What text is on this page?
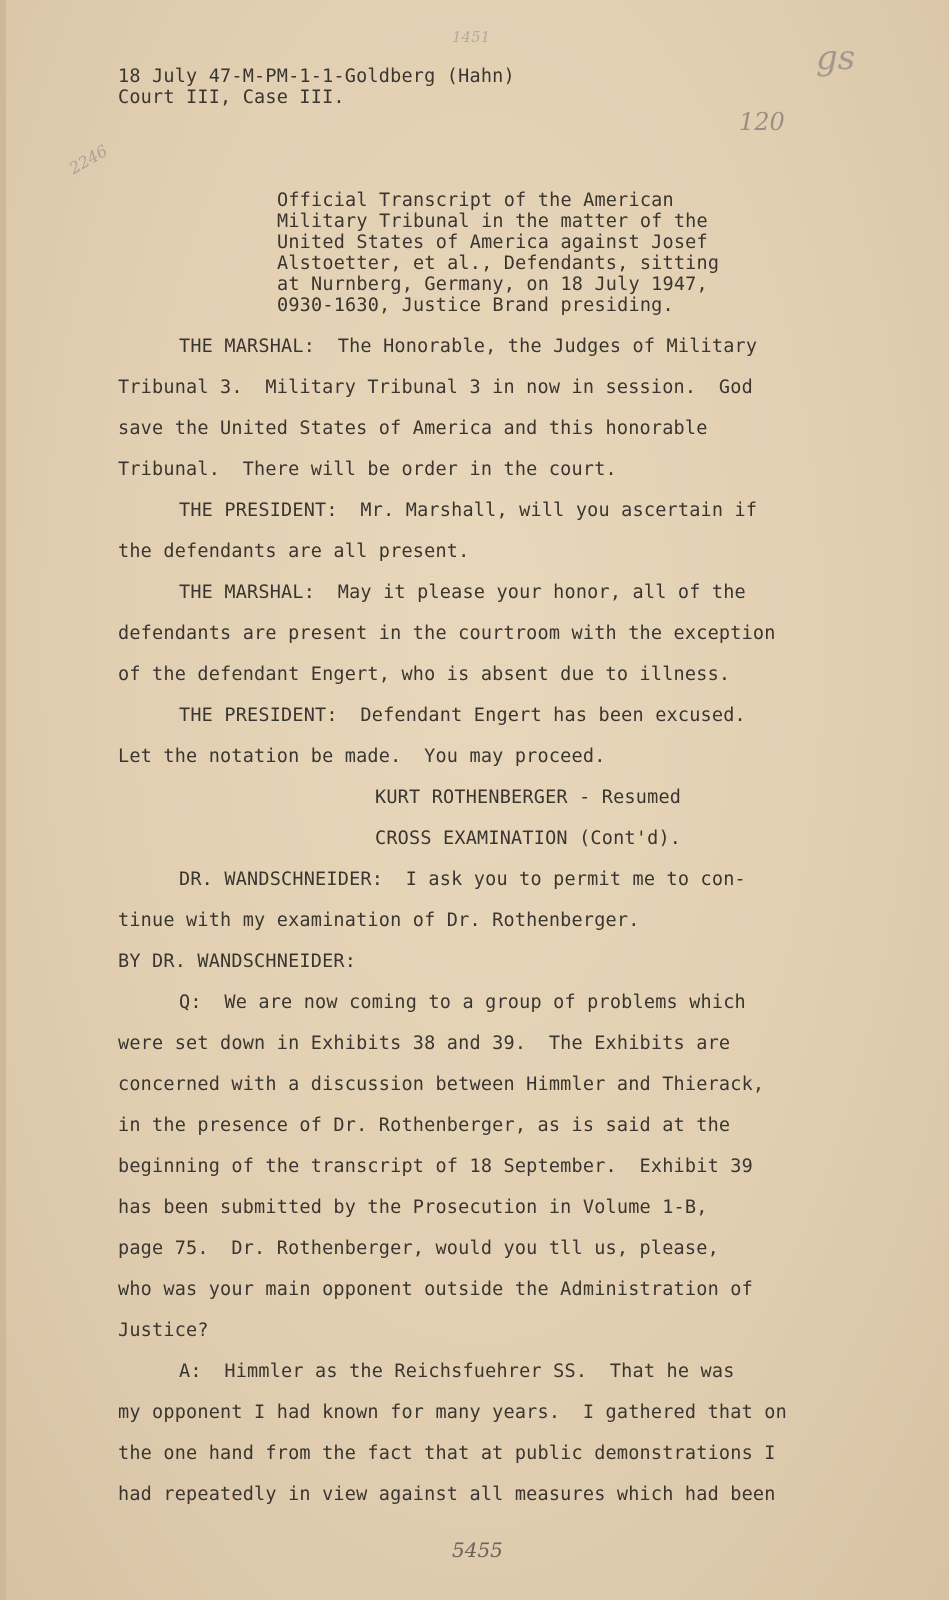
1451
gs
120
2246
18 July 47-M-PM-1-1-Goldberg (Hahn)
Court III, Case III.
Official Transcript of the American
Military Tribunal in the matter of the
United States of America against Josef
Alstoetter, et al., Defendants, sitting
at Nurnberg, Germany, on 18 July 1947,
0930-1630, Justice Brand presiding.
THE MARSHAL:  The Honorable, the Judges of Military
Tribunal 3.  Military Tribunal 3 in now in session.  God
save the United States of America and this honorable
Tribunal.  There will be order in the court.
THE PRESIDENT:  Mr. Marshall, will you ascertain if
the defendants are all present.
THE MARSHAL:  May it please your honor, all of the
defendants are present in the courtroom with the exception
of the defendant Engert, who is absent due to illness.
THE PRESIDENT:  Defendant Engert has been excused.
Let the notation be made.  You may proceed.
KURT ROTHENBERGER - Resumed
CROSS EXAMINATION (Cont'd).
DR. WANDSCHNEIDER:  I ask you to permit me to con-
tinue with my examination of Dr. Rothenberger.
BY DR. WANDSCHNEIDER:
Q:  We are now coming to a group of problems which
were set down in Exhibits 38 and 39.  The Exhibits are
concerned with a discussion between Himmler and Thierack,
in the presence of Dr. Rothenberger, as is said at the
beginning of the transcript of 18 September.  Exhibit 39
has been submitted by the Prosecution in Volume 1-B,
page 75.  Dr. Rothenberger, would you tll us, please,
who was your main opponent outside the Administration of
Justice?
A:  Himmler as the Reichsfuehrer SS.  That he was
my opponent I had known for many years.  I gathered that on
the one hand from the fact that at public demonstrations I
had repeatedly in view against all measures which had been
5455
